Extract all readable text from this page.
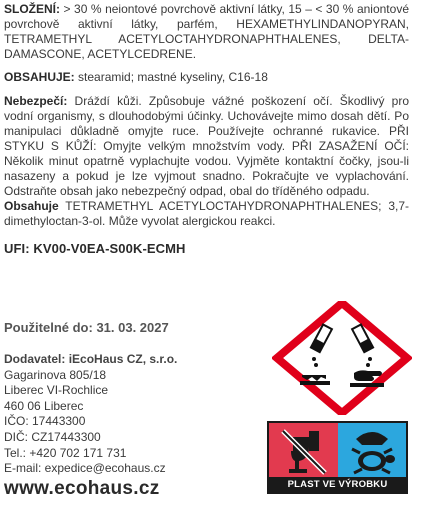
SLOŽENÍ: > 30 % neiontové povrchově aktivní látky, 15 – < 30 % aniontové povrchově aktivní látky, parfém, HEXAMETHYLINDANOPYRAN, TETRAMETHYL ACETYLOCTAHYDRONAPHTHALENES, DELTA-DAMASCONE, ACETYLCEDRENE.

OBSAHUJE: stearamid; mastné kyseliny, C16-18

Nebezpečí: Dráždí kůži. Způsobuje vážné poškození očí. Škodlivý pro vodní organismy, s dlouhodobými účinky. Uchovávejte mimo dosah dětí. Po manipulaci důkladně omyjte ruce. Používejte ochranné rukavice. PŘI STYKU S KŮŽÍ: Omyjte velkým množstvím vody. PŘI ZASAŽENÍ OČÍ: Několik minut opatrně vyplachujte vodou. Vyjměte kontaktní čočky, jsou-li nasazeny a pokud je lze vyjmout snadno. Pokračujte ve vyplachování. Odstraňte obsah jako nebezpečný odpad, obal do tříděného odpadu.

Obsahuje TETRAMETHYL ACETYLOCTAHYDRONAPHTHALENES; 3,7-dimethyloctan-3-ol. Může vyvolat alergickou reakci.

UFI: KV00-V0EA-S00K-ECMH
Použitelné do: 31. 03. 2027
Dodavatel: iEcoHaus CZ, s.r.o.
Gagarinova 805/18
Liberec VI-Rochlice
460 06 Liberec
IČO: 17443300
DIČ: CZ17443300
Tel.: +420 702 171 731
E-mail: expedice@ecohaus.cz
www.ecohaus.cz	PLAST VE VÝROBKU
